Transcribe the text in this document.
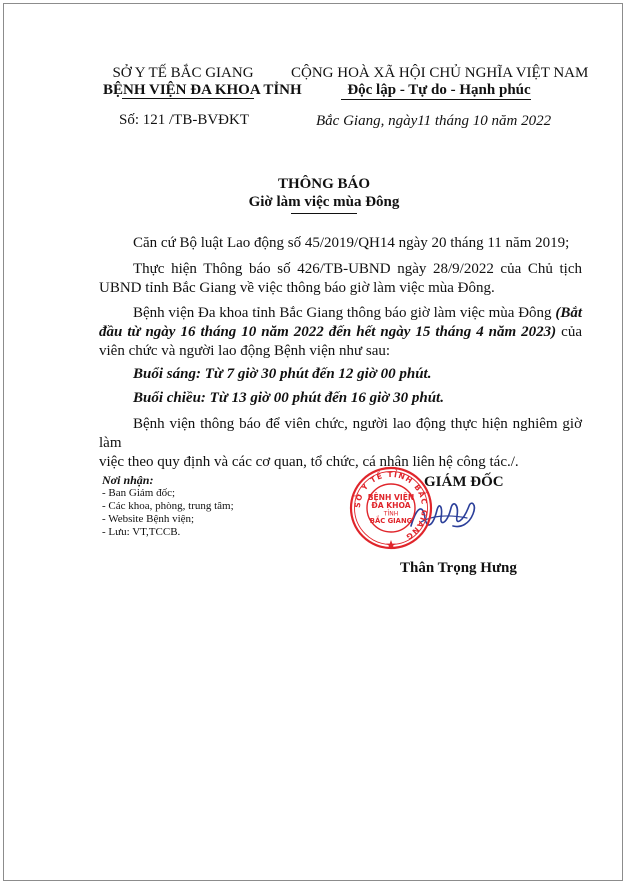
SỞ Y TẾ BẮC GIANG
BỆNH VIỆN ĐA KHOA TỈNH
Số: 121 /TB-BVĐKT
CỘNG HOÀ XÃ HỘI CHỦ NGHĨA VIỆT NAM
Độc lập - Tự do - Hạnh phúc
Bắc Giang, ngày11 tháng 10 năm 2022
THÔNG BÁO
Giờ làm việc mùa Đông
Căn cứ Bộ luật Lao động số 45/2019/QH14 ngày 20 tháng 11 năm 2019;
Thực hiện Thông báo số 426/TB-UBND ngày 28/9/2022 của Chủ tịch
UBND tỉnh Bắc Giang về việc thông báo giờ làm việc mùa Đông.
Bệnh viện Đa khoa tỉnh Bắc Giang thông báo giờ làm việc mùa Đông (Bắt đầu từ ngày 16 tháng 10 năm 2022 đến hết ngày 15 tháng 4 năm 2023) của viên chức và người lao động Bệnh viện như sau:
Buổi sáng: Từ 7 giờ 30 phút đến 12 giờ 00 phút.
Buổi chiều: Từ 13 giờ 00 phút đến 16 giờ 30 phút.
Bệnh viện thông báo để viên chức, người lao động thực hiện nghiêm giờ làm
việc theo quy định và các cơ quan, tổ chức, cá nhân liên hệ công tác./.
Nơi nhận:
- Ban Giám đốc;
- Các khoa, phòng, trung tâm;
- Website Bệnh viện;
- Lưu: VT,TCCB.
GIÁM ĐỐC
SỞ Y TẾ TỈNH BẮC GIANG
BỆNH VIỆN
ĐA KHOA
TỈNH
BẮC GIANG
Thân Trọng Hưng
